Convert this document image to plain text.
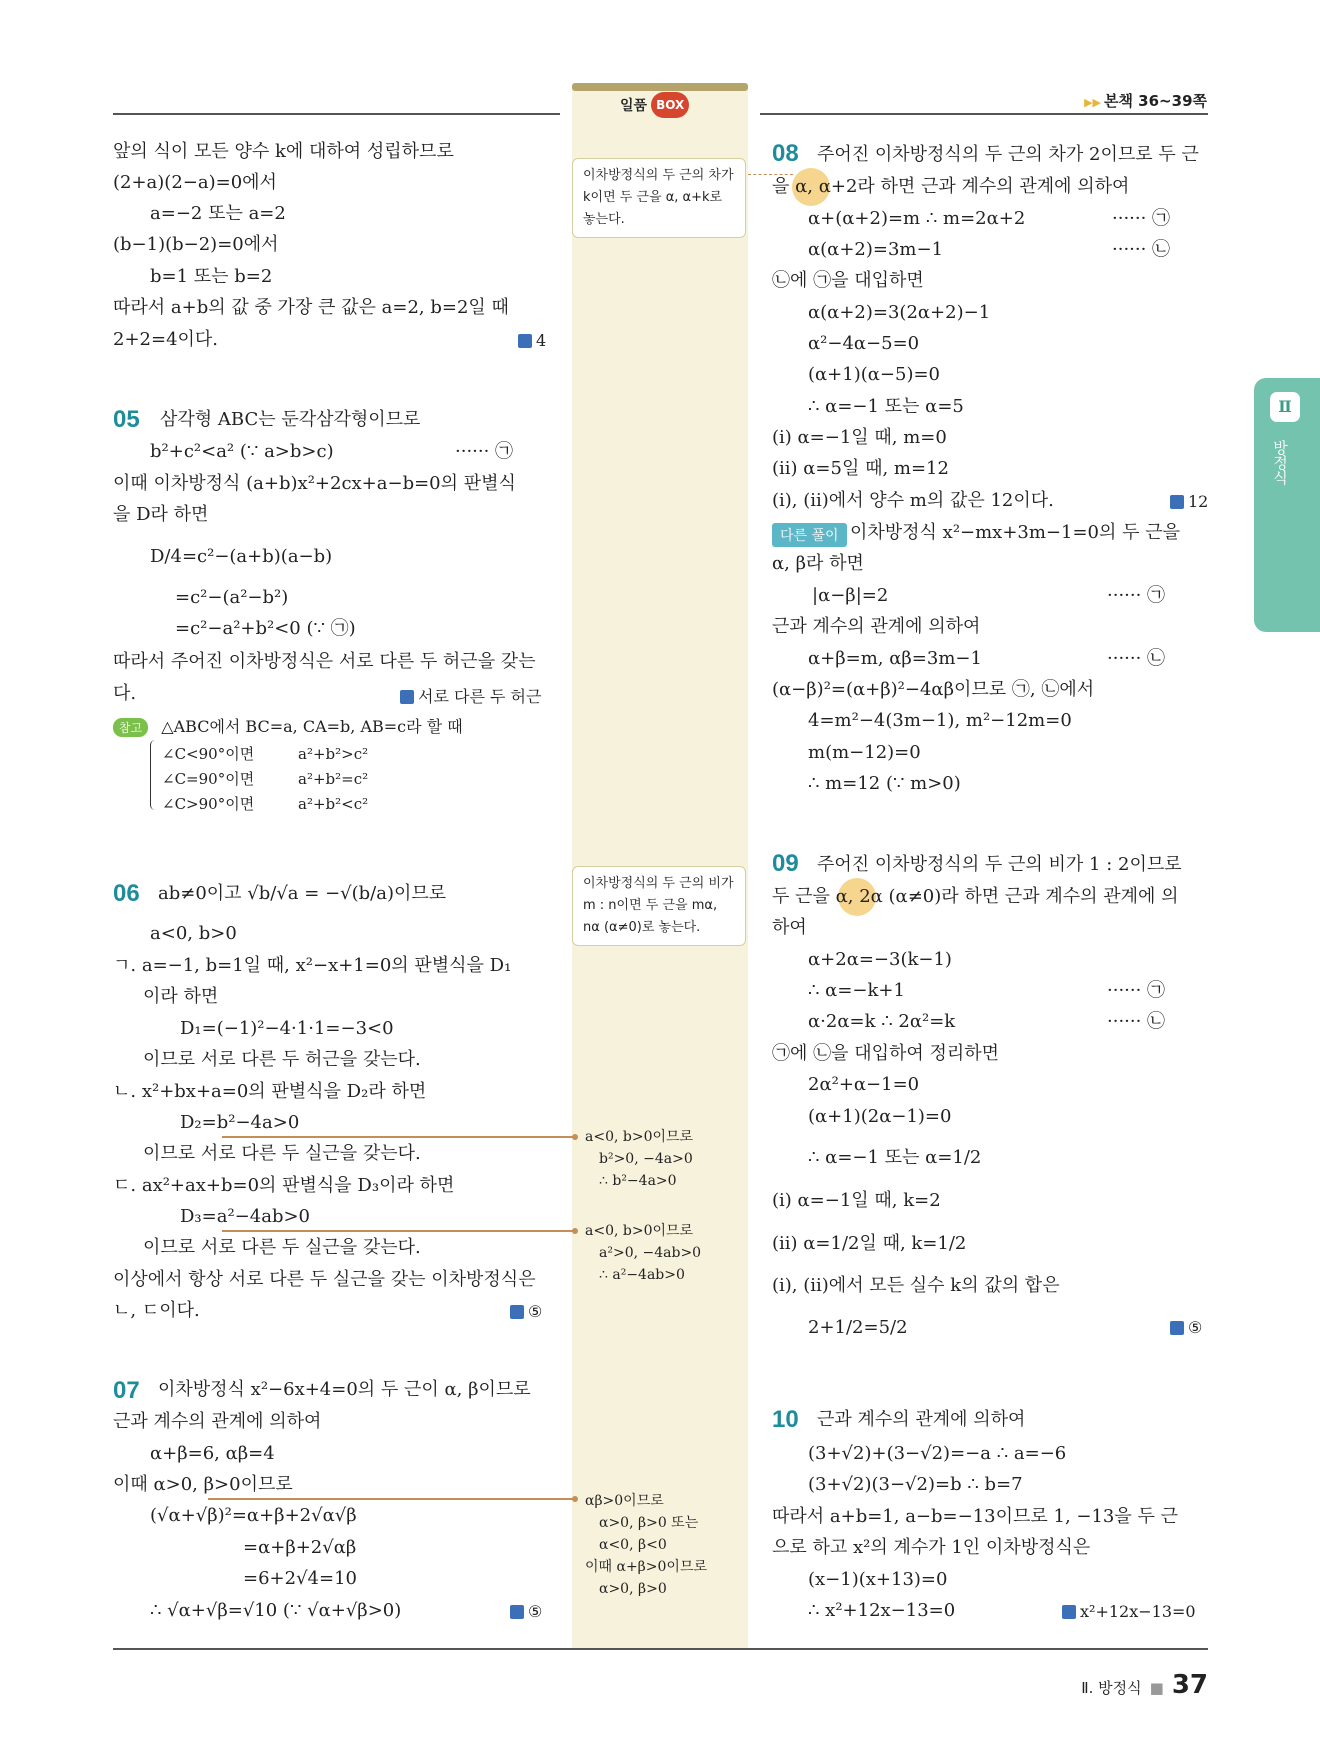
일품 BOX	▶▶ 본책 36~39쪽
Ⅱ
방정식
앞의 식이 모든 양수 k에 대하여 성립하므로
(2+a)(2−a)=0에서
a=−2 또는 a=2
(b−1)(b−2)=0에서
b=1 또는 b=2
따라서 a+b의 값 중 가장 큰 값은 a=2, b=2일 때
2+2=4이다.	4
05 삼각형 ABC는 둔각삼각형이므로
b²+c²<a² (∵ a>b>c)	······ ㉠
이때 이차방정식 (a+b)x²+2cx+a−b=0의 판별식
을 D라 하면
D/4=c²−(a+b)(a−b)
=c²−(a²−b²)
=c²−a²+b²<0 (∵ ㉠)
따라서 주어진 이차방정식은 서로 다른 두 허근을 갖는
다.	서로 다른 두 허근
참고 △ABC에서 BC=a, CA=b, AB=c라 할 때
∠C<90°이면	a²+b²>c²
∠C=90°이면	a²+b²=c²
∠C>90°이면	a²+b²<c²
06 ab≠0이고 √b/√a = −√(b/a)이므로
a<0, b>0
ㄱ. a=−1, b=1일 때, x²−x+1=0의 판별식을 D₁
이라 하면
D₁=(−1)²−4·1·1=−3<0
이므로 서로 다른 두 허근을 갖는다.
ㄴ. x²+bx+a=0의 판별식을 D₂라 하면
D₂=b²−4a>0
이므로 서로 다른 두 실근을 갖는다.
ㄷ. ax²+ax+b=0의 판별식을 D₃이라 하면
D₃=a²−4ab>0
이므로 서로 다른 두 실근을 갖는다.
이상에서 항상 서로 다른 두 실근을 갖는 이차방정식은
ㄴ, ㄷ이다.	⑤
07 이차방정식 x²−6x+4=0의 두 근이 α, β이므로
근과 계수의 관계에 의하여
α+β=6, αβ=4
이때 α>0, β>0이므로
(√α+√β)²=α+β+2√α√β
=α+β+2√αβ
=6+2√4=10
∴ √α+√β=√10 (∵ √α+√β>0)	⑤
이차방정식의 두 근의 차가 k이면 두 근을 α, α+k로 놓는다.
이차방정식의 두 근의 비가 m : n이면 두 근을 mα, nα (α≠0)로 놓는다.
a<0, b>0이므로
b²>0, −4a>0
∴ b²−4a>0
a<0, b>0이므로
a²>0, −4ab>0
∴ a²−4ab>0
αβ>0이므로
α>0, β>0 또는
α<0, β<0
이때 α+β>0이므로
α>0, β>0
08 주어진 이차방정식의 두 근의 차가 2이므로 두 근
을 α, α+2라 하면 근과 계수의 관계에 의하여
α+(α+2)=m ∴ m=2α+2	······ ㉠
α(α+2)=3m−1	······ ㉡
㉡에 ㉠을 대입하면
α(α+2)=3(2α+2)−1
α²−4α−5=0
(α+1)(α−5)=0
∴ α=−1 또는 α=5
(ⅰ) α=−1일 때, m=0
(ⅱ) α=5일 때, m=12
(ⅰ), (ⅱ)에서 양수 m의 값은 12이다.	12
다른 풀이 이차방정식 x²−mx+3m−1=0의 두 근을
α, β라 하면
|α−β|=2	······ ㉠
근과 계수의 관계에 의하여
α+β=m, αβ=3m−1	······ ㉡
(α−β)²=(α+β)²−4αβ이므로 ㉠, ㉡에서
4=m²−4(3m−1), m²−12m=0
m(m−12)=0
∴ m=12 (∵ m>0)
09 주어진 이차방정식의 두 근의 비가 1 : 2이므로
두 근을 α, 2α (α≠0)라 하면 근과 계수의 관계에 의
하여
α+2α=−3(k−1)
∴ α=−k+1	······ ㉠
α·2α=k ∴ 2α²=k	······ ㉡
㉠에 ㉡을 대입하여 정리하면
2α²+α−1=0
(α+1)(2α−1)=0
∴ α=−1 또는 α=1/2
(ⅰ) α=−1일 때, k=2
(ⅱ) α=1/2일 때, k=1/2
(ⅰ), (ⅱ)에서 모든 실수 k의 값의 합은
2+1/2=5/2	⑤
10 근과 계수의 관계에 의하여
(3+√2)+(3−√2)=−a ∴ a=−6
(3+√2)(3−√2)=b ∴ b=7
따라서 a+b=1, a−b=−13이므로 1, −13을 두 근
으로 하고 x²의 계수가 1인 이차방정식은
(x−1)(x+13)=0
∴ x²+12x−13=0	x²+12x−13=0
Ⅱ. 방정식 ■ 37
